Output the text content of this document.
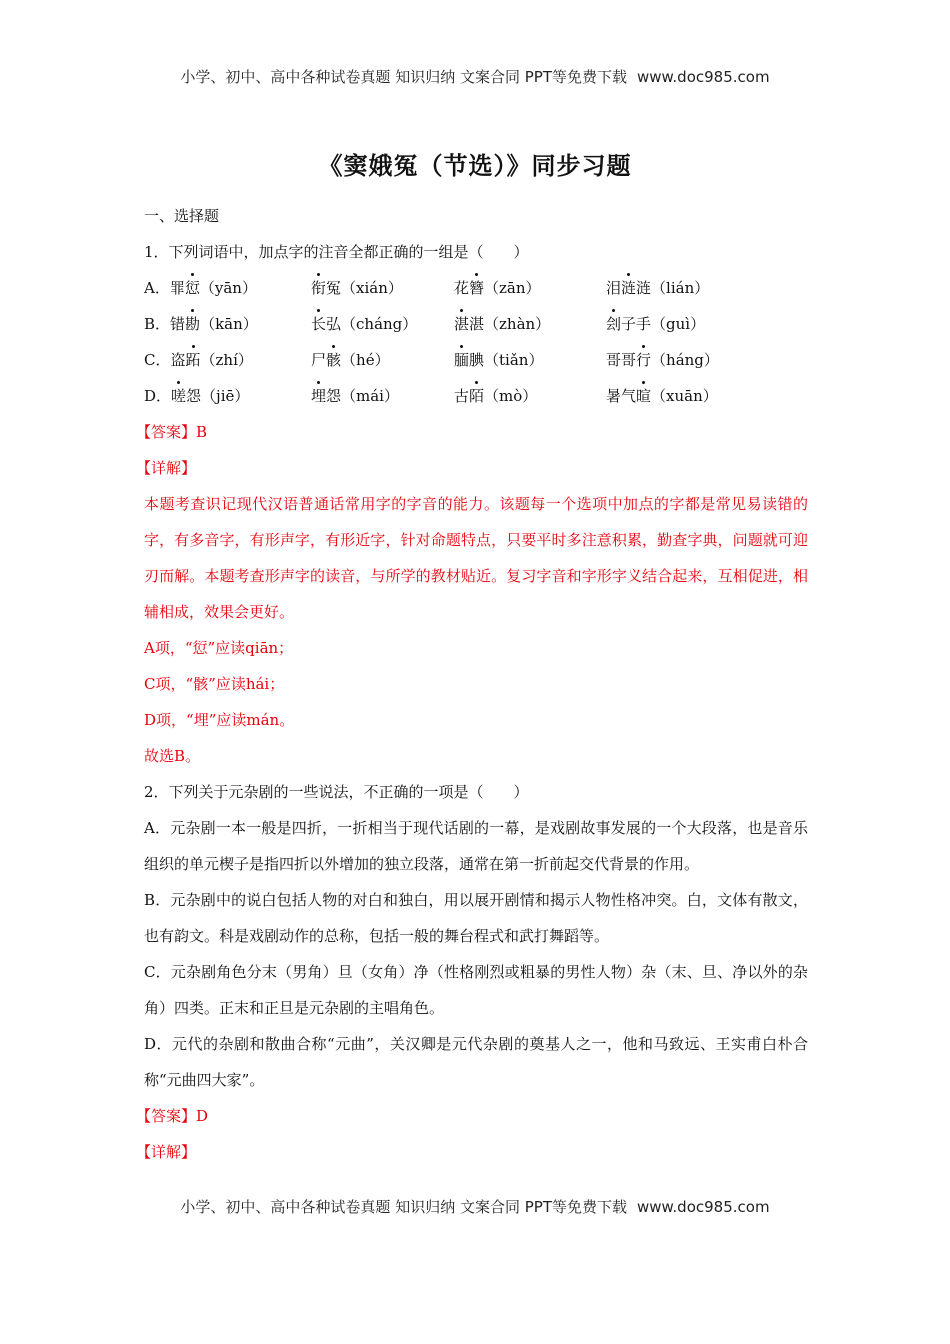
小学、初中、高中各种试卷真题 知识归纳 文案合同 PPT等免费下载 www.doc985.com
《窦娥冤（节选）》同步习题
一、选择题
1．下列词语中，加点字的注音全都正确的一组是（　　）
A．罪愆（yān）	衔冤（xián）	花簪（zān）	泪涟涟（lián）
B．错勘（kān）	长弘（cháng）	湛湛（zhàn）	刽子手（guì）
C．盗跖（zhí）	尸骸（hé）	腼腆（tiǎn）	哥哥行（háng）
D．嗟怨（jiē）	埋怨（mái）	古陌（mò）	暑气暄（xuān）
【答案】B
【详解】
本题考查识记现代汉语普通话常用字的字音的能力。该题每一个选项中加点的字都是常见易读错的字，有多音字，有形声字，有形近字，针对命题特点，只要平时多注意积累，勤查字典，问题就可迎刃而解。本题考查形声字的读音，与所学的教材贴近。复习字音和字形字义结合起来，互相促进，相辅相成，效果会更好。
A项，“愆”应读qiān；
C项，“骸”应读hái；
D项，“埋”应读mán。
故选B。
2．下列关于元杂剧的一些说法，不正确的一项是（　　）
A．元杂剧一本一般是四折，一折相当于现代话剧的一幕，是戏剧故事发展的一个大段落，也是音乐组织的单元楔子是指四折以外增加的独立段落，通常在第一折前起交代背景的作用。
B．元杂剧中的说白包括人物的对白和独白，用以展开剧情和揭示人物性格冲突。白，文体有散文，也有韵文。科是戏剧动作的总称，包括一般的舞台程式和武打舞蹈等。
C．元杂剧角色分末（男角）旦（女角）净（性格刚烈或粗暴的男性人物）杂（末、旦、净以外的杂角）四类。正末和正旦是元杂剧的主唱角色。
D．元代的杂剧和散曲合称“元曲”，关汉卿是元代杂剧的奠基人之一，他和马致远、王实甫白朴合称“元曲四大家”。
【答案】D
【详解】
小学、初中、高中各种试卷真题 知识归纳 文案合同 PPT等免费下载 www.doc985.com
